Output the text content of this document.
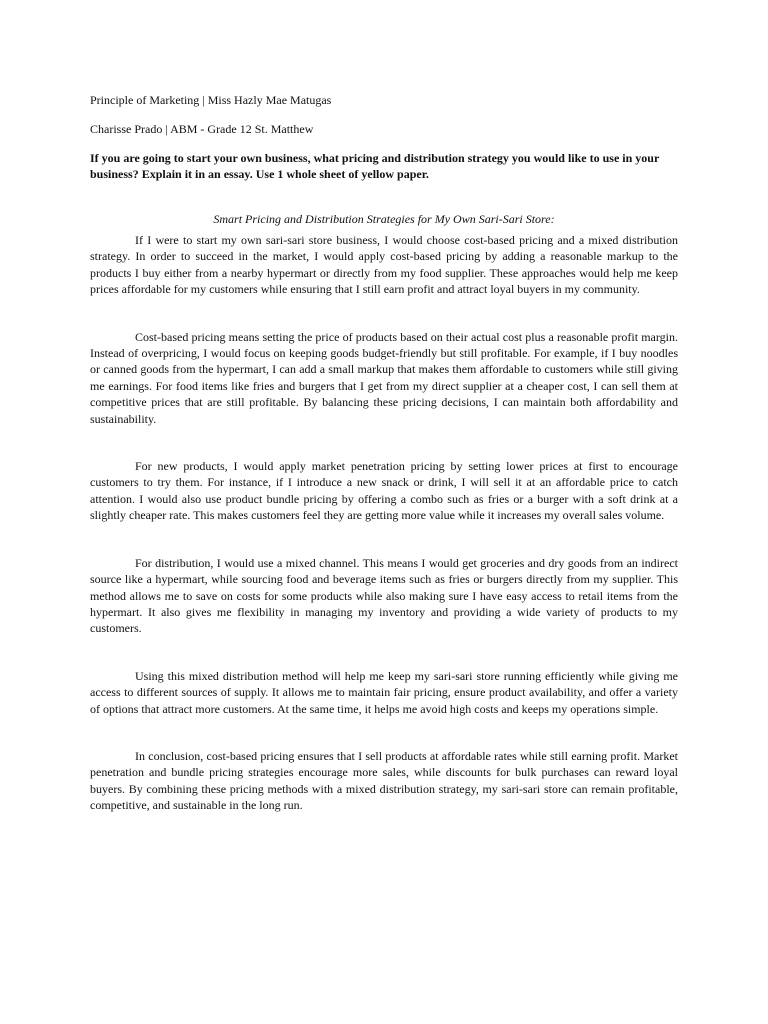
Principle of Marketing | Miss Hazly Mae Matugas

Charisse Prado | ABM - Grade 12 St. Matthew

If you are going to start your own business, what pricing and distribution strategy you would like to use in your business? Explain it in an essay. Use 1 whole sheet of yellow paper.

Smart Pricing and Distribution Strategies for My Own Sari-Sari Store:

If I were to start my own sari-sari store business, I would choose cost-based pricing and a mixed distribution strategy. In order to succeed in the market, I would apply cost-based pricing by adding a reasonable markup to the products I buy either from a nearby hypermart or directly from my food supplier. These approaches would help me keep prices affordable for my customers while ensuring that I still earn profit and attract loyal buyers in my community.

Cost-based pricing means setting the price of products based on their actual cost plus a reasonable profit margin. Instead of overpricing, I would focus on keeping goods budget-friendly but still profitable. For example, if I buy noodles or canned goods from the hypermart, I can add a small markup that makes them affordable to customers while still giving me earnings. For food items like fries and burgers that I get from my direct supplier at a cheaper cost, I can sell them at competitive prices that are still profitable. By balancing these pricing decisions, I can maintain both affordability and sustainability.

For new products, I would apply market penetration pricing by setting lower prices at first to encourage customers to try them. For instance, if I introduce a new snack or drink, I will sell it at an affordable price to catch attention. I would also use product bundle pricing by offering a combo such as fries or a burger with a soft drink at a slightly cheaper rate. This makes customers feel they are getting more value while it increases my overall sales volume.

For distribution, I would use a mixed channel. This means I would get groceries and dry goods from an indirect source like a hypermart, while sourcing food and beverage items such as fries or burgers directly from my supplier. This method allows me to save on costs for some products while also making sure I have easy access to retail items from the hypermart. It also gives me flexibility in managing my inventory and providing a wide variety of products to my customers.

Using this mixed distribution method will help me keep my sari-sari store running efficiently while giving me access to different sources of supply. It allows me to maintain fair pricing, ensure product availability, and offer a variety of options that attract more customers. At the same time, it helps me avoid high costs and keeps my operations simple.

In conclusion, cost-based pricing ensures that I sell products at affordable rates while still earning profit. Market penetration and bundle pricing strategies encourage more sales, while discounts for bulk purchases can reward loyal buyers. By combining these pricing methods with a mixed distribution strategy, my sari-sari store can remain profitable, competitive, and sustainable in the long run.
